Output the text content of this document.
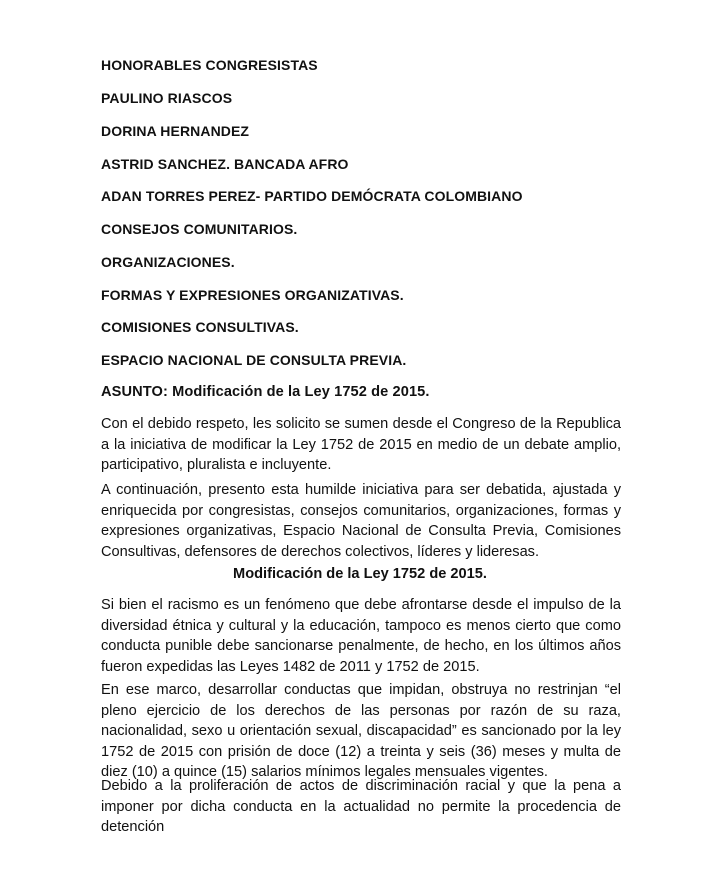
HONORABLES CONGRESISTAS
PAULINO RIASCOS
DORINA HERNANDEZ
ASTRID SANCHEZ. BANCADA AFRO
ADAN TORRES PEREZ- PARTIDO DEMÓCRATA COLOMBIANO
CONSEJOS COMUNITARIOS.
ORGANIZACIONES.
FORMAS Y EXPRESIONES ORGANIZATIVAS.
COMISIONES CONSULTIVAS.
ESPACIO NACIONAL DE CONSULTA PREVIA.
ASUNTO: Modificación de la Ley 1752 de 2015.
Con el debido respeto, les solicito se sumen desde el Congreso de la Republica a la iniciativa de modificar la Ley 1752 de 2015 en medio de un debate amplio, participativo, pluralista e incluyente.
A continuación, presento esta humilde iniciativa para ser debatida, ajustada y enriquecida por congresistas, consejos comunitarios, organizaciones, formas y expresiones organizativas, Espacio Nacional de Consulta Previa, Comisiones Consultivas, defensores de derechos colectivos, líderes y lideresas.
Modificación de la Ley 1752 de 2015.
Si bien el racismo es un fenómeno que debe afrontarse desde el impulso de la diversidad étnica y cultural y la educación, tampoco es menos cierto que como conducta punible debe sancionarse penalmente, de hecho, en los últimos años fueron expedidas las Leyes 1482 de 2011 y 1752 de 2015.
En ese marco, desarrollar conductas que impidan, obstruya no restrinjan “el pleno ejercicio de los derechos de las personas por razón de su raza, nacionalidad, sexo u orientación sexual, discapacidad” es sancionado por la ley 1752 de 2015 con prisión de doce (12) a treinta y seis (36) meses y multa de diez (10) a quince (15) salarios mínimos legales mensuales vigentes.
Debido a la proliferación de actos de discriminación racial y que la pena a imponer por dicha conducta en la actualidad no permite la procedencia de detención
